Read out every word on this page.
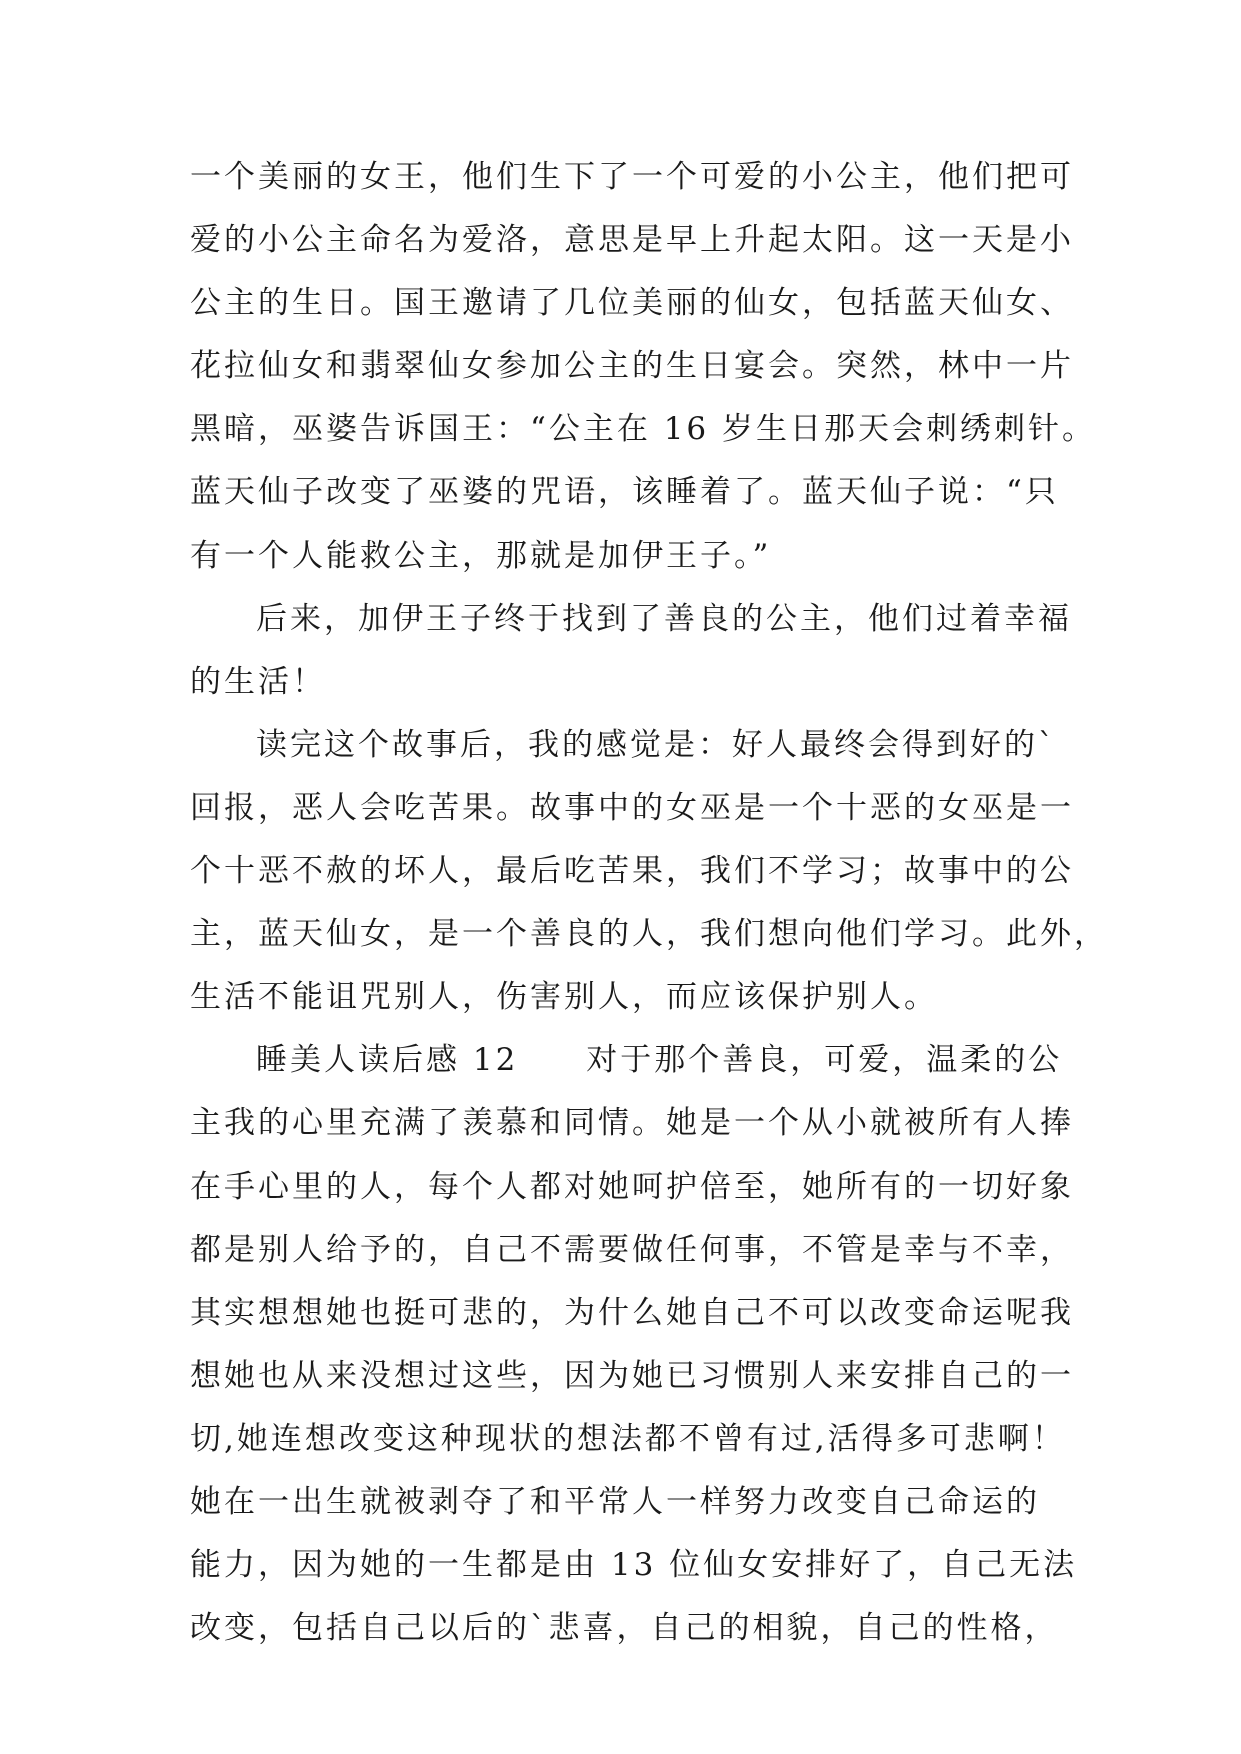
一个美丽的女王，他们生下了一个可爱的小公主，他们把可
爱的小公主命名为爱洛，意思是早上升起太阳。这一天是小
公主的生日。国王邀请了几位美丽的仙女，包括蓝天仙女、
花拉仙女和翡翠仙女参加公主的生日宴会。突然，林中一片
黑暗，巫婆告诉国王：“公主在 16 岁生日那天会刺绣刺针。
蓝天仙子改变了巫婆的咒语，该睡着了。蓝天仙子说：“只
有一个人能救公主，那就是加伊王子。”
后来，加伊王子终于找到了善良的公主，他们过着幸福
的生活！
读完这个故事后，我的感觉是：好人最终会得到好的`
回报，恶人会吃苦果。故事中的女巫是一个十恶的女巫是一
个十恶不赦的坏人，最后吃苦果，我们不学习；故事中的公
主，蓝天仙女，是一个善良的人，我们想向他们学习。此外，
生活不能诅咒别人，伤害别人，而应该保护别人。
睡美人读后感 12　　对于那个善良，可爱，温柔的公
主我的心里充满了羡慕和同情。她是一个从小就被所有人捧
在手心里的人，每个人都对她呵护倍至，她所有的一切好象
都是别人给予的，自己不需要做任何事，不管是幸与不幸，
其实想想她也挺可悲的，为什么她自己不可以改变命运呢我
想她也从来没想过这些，因为她已习惯别人来安排自己的一
切,她连想改变这种现状的想法都不曾有过,活得多可悲啊！
她在一出生就被剥夺了和平常人一样努力改变自己命运的
能力，因为她的一生都是由 13 位仙女安排好了，自己无法
改变，包括自己以后的`悲喜，自己的相貌，自己的性格，
